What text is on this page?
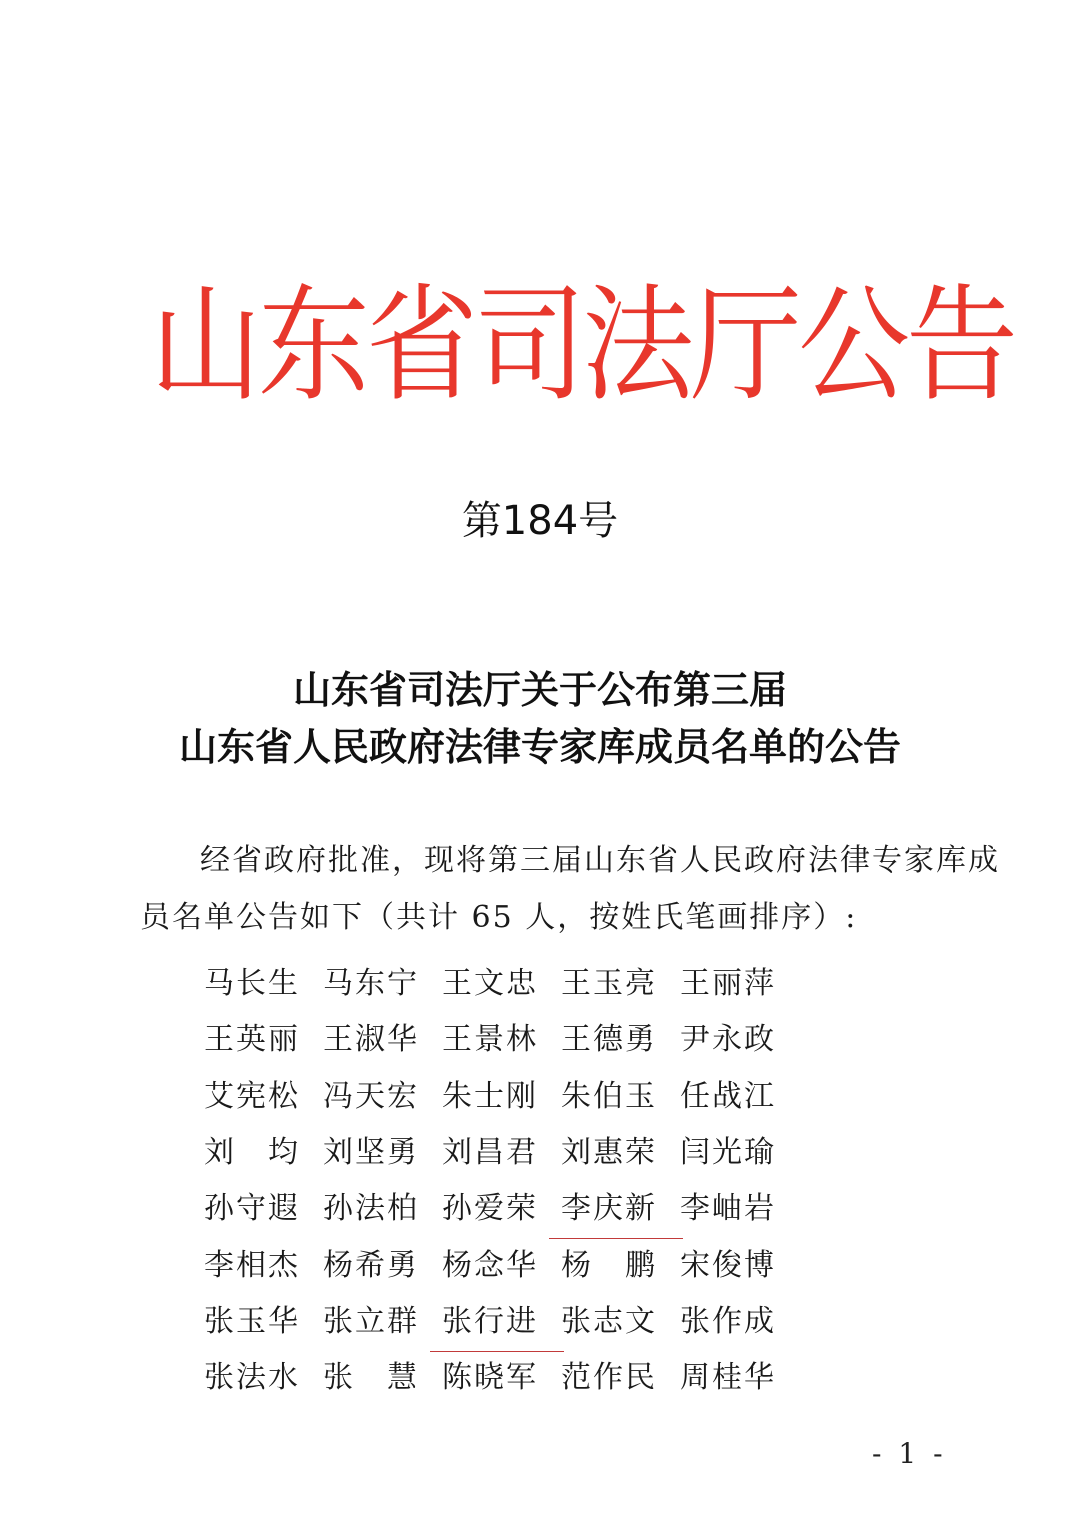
山东省司法厅公告
第184号
山东省司法厅关于公布第三届
山东省人民政府法律专家库成员名单的公告
经省政府批准，现将第三届山东省人民政府法律专家库成
员名单公告如下（共计 65 人，按姓氏笔画排序）:
马长生 马东宁 王文忠 王玉亮 王丽萍
王英丽 王淑华 王景林 王德勇 尹永政
艾宪松 冯天宏 朱士刚 朱伯玉 任战江
刘　均 刘坚勇 刘昌君 刘惠荣 闫光瑜
孙守遐 孙法柏 孙爱荣 李庆新 李岫岩
李相杰 杨希勇 杨念华 杨　鹏 宋俊博
张玉华 张立群 张行进 张志文 张作成
张法水 张　慧 陈晓军 范作民 周桂华
- 1 -
